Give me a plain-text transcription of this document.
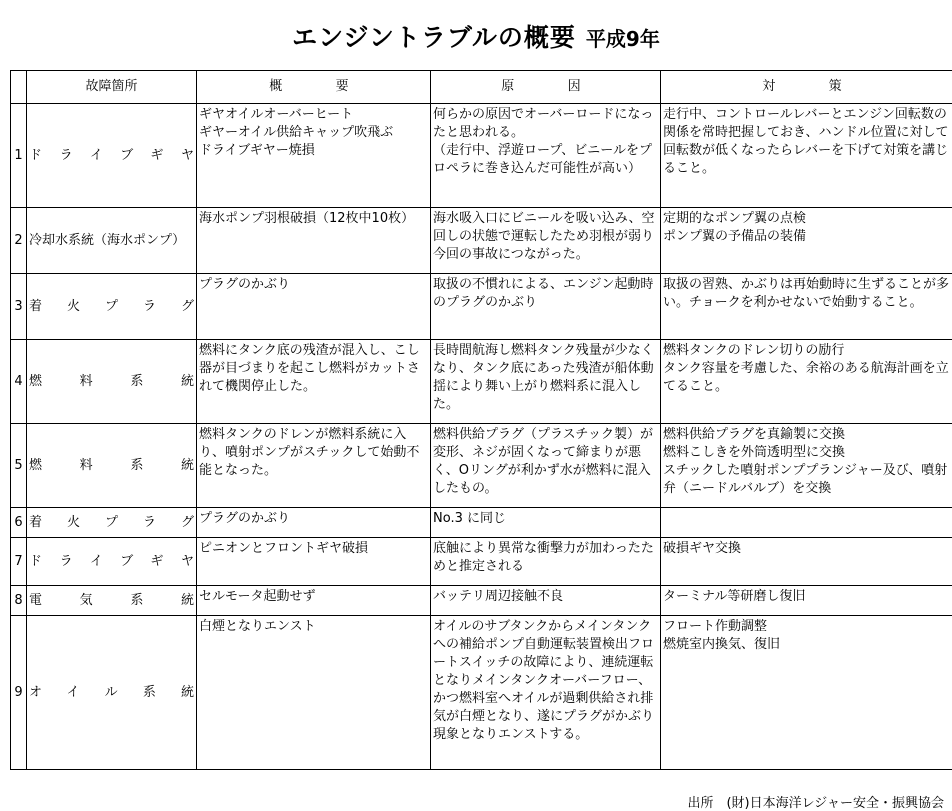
エンジントラブルの概要 平成9年
	故障箇所	概　　要	原　　因	対　　策
1	ドライブギヤ	ギヤオイルオーバーヒート
ギヤーオイル供給キャップ吹飛ぶ
ドライブギヤー焼損	何らかの原因でオーバーロードになったと思われる。
（走行中、浮遊ロープ、ビニールをプロペラに巻き込んだ可能性が高い）	走行中、コントロールレバーとエンジン回転数の関係を常時把握しておき、ハンドル位置に対して回転数が低くなったらレバーを下げて対策を講じること。
2	冷却水系統（海水ポンプ）	海水ポンプ羽根破損（12枚中10枚）	海水吸入口にビニールを吸い込み、空回しの状態で運転したため羽根が弱り今回の事故につながった。	定期的なポンプ翼の点検
ポンプ翼の予備品の装備
3	着火プラグ	プラグのかぶり	取扱の不慣れによる、エンジン起動時のプラグのかぶり	取扱の習熟、かぶりは再始動時に生ずることが多い。チョークを利かせないで始動すること。
4	燃料系統	燃料にタンク底の残渣が混入し、こし器が目づまりを起こし燃料がカットされて機関停止した。	長時間航海し燃料タンク残量が少なくなり、タンク底にあった残渣が船体動揺により舞い上がり燃料系に混入した。	燃料タンクのドレン切りの励行
タンク容量を考慮した、余裕のある航海計画を立てること。
5	燃料系統	燃料タンクのドレンが燃料系統に入り、噴射ポンプがスチックして始動不能となった。	燃料供給プラグ（プラスチック製）が変形、ネジが固くなって締まりが悪く、Oリングが利かず水が燃料に混入したもの。	燃料供給プラグを真鍮製に交換
燃料こしきを外筒透明型に交換
スチックした噴射ポンププランジャー及び、噴射弁（ニードルバルブ）を交換
6	着火プラグ	プラグのかぶり	No.3 に同じ	
7	ドライブギヤ	ピニオンとフロントギヤ破損	底触により異常な衝撃力が加わったためと推定される	破損ギヤ交換
8	電気系統	セルモータ起動せず	バッテリ周辺接触不良	ターミナル等研磨し復旧
9	オイル系統	白煙となりエンスト	オイルのサブタンクからメインタンクへの補給ポンプ自動運転装置検出フロートスイッチの故障により、連続運転となりメインタンクオーバーフロー、かつ燃料室へオイルが過剰供給され排気が白煙となり、遂にプラグがかぶり現象となりエンストする。	フロート作動調整
燃焼室内換気、復旧
出所　(財)日本海洋レジャー安全・振興協会
